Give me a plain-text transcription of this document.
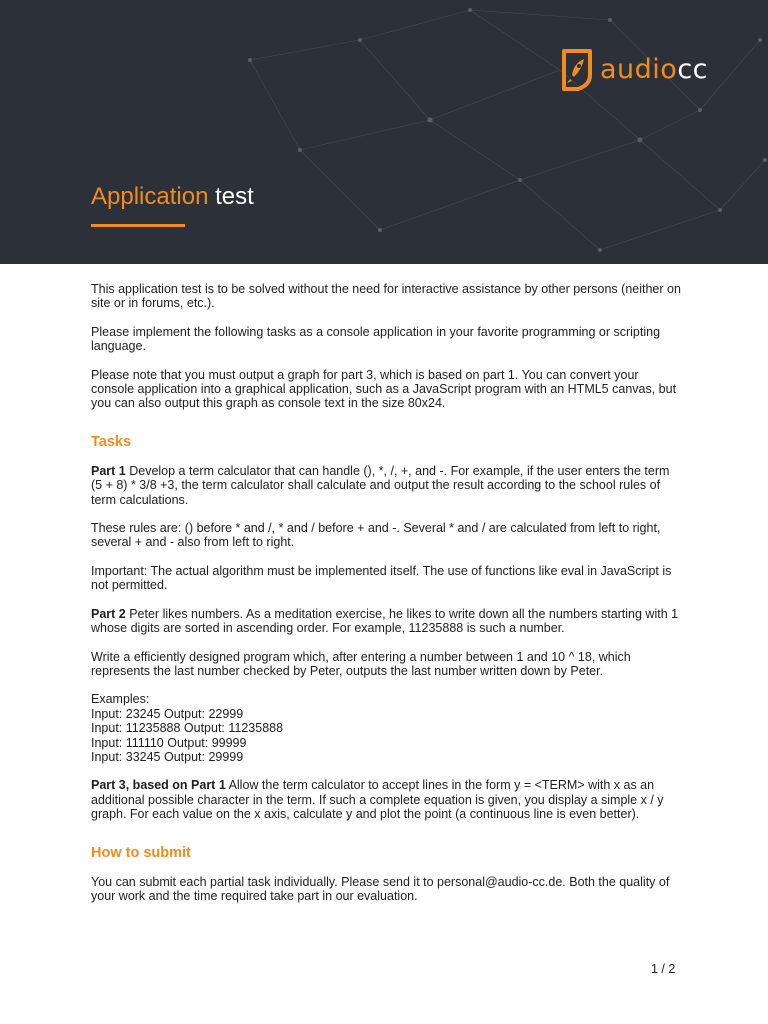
audiocc
Application test

This application test is to be solved without the need for interactive assistance by other persons (neither on site or in forums, etc.).

Please implement the following tasks as a console application in your favorite programming or scripting language.

Please note that you must output a graph for part 3, which is based on part 1. You can convert your console application into a graphical application, such as a JavaScript program with an HTML5 canvas, but you can also output this graph as console text in the size 80x24.

Tasks

Part 1 Develop a term calculator that can handle (), *, /, +, and -. For example, if the user enters the term (5 + 8) * 3/8 +3, the term calculator shall calculate and output the result according to the school rules of term calculations.

These rules are: () before * and /, * and / before + and -. Several * and / are calculated from left to right, several + and - also from left to right.

Important: The actual algorithm must be implemented itself. The use of functions like eval in JavaScript is not permitted.

Part 2 Peter likes numbers. As a meditation exercise, he likes to write down all the numbers starting with 1 whose digits are sorted in ascending order. For example, 11235888 is such a number.

Write a efficiently designed program which, after entering a number between 1 and 10 ^ 18, which represents the last number checked by Peter, outputs the last number written down by Peter.

Examples:
Input: 23245 Output: 22999
Input: 11235888 Output: 11235888
Input: 111110 Output: 99999
Input: 33245 Output: 29999

Part 3, based on Part 1 Allow the term calculator to accept lines in the form y = <TERM> with x as an additional possible character in the term. If such a complete equation is given, you display a simple x / y graph. For each value on the x axis, calculate y and plot the point (a continuous line is even better).

How to submit

You can submit each partial task individually. Please send it to personal@audio-cc.de. Both the quality of your work and the time required take part in our evaluation.

1 / 2
